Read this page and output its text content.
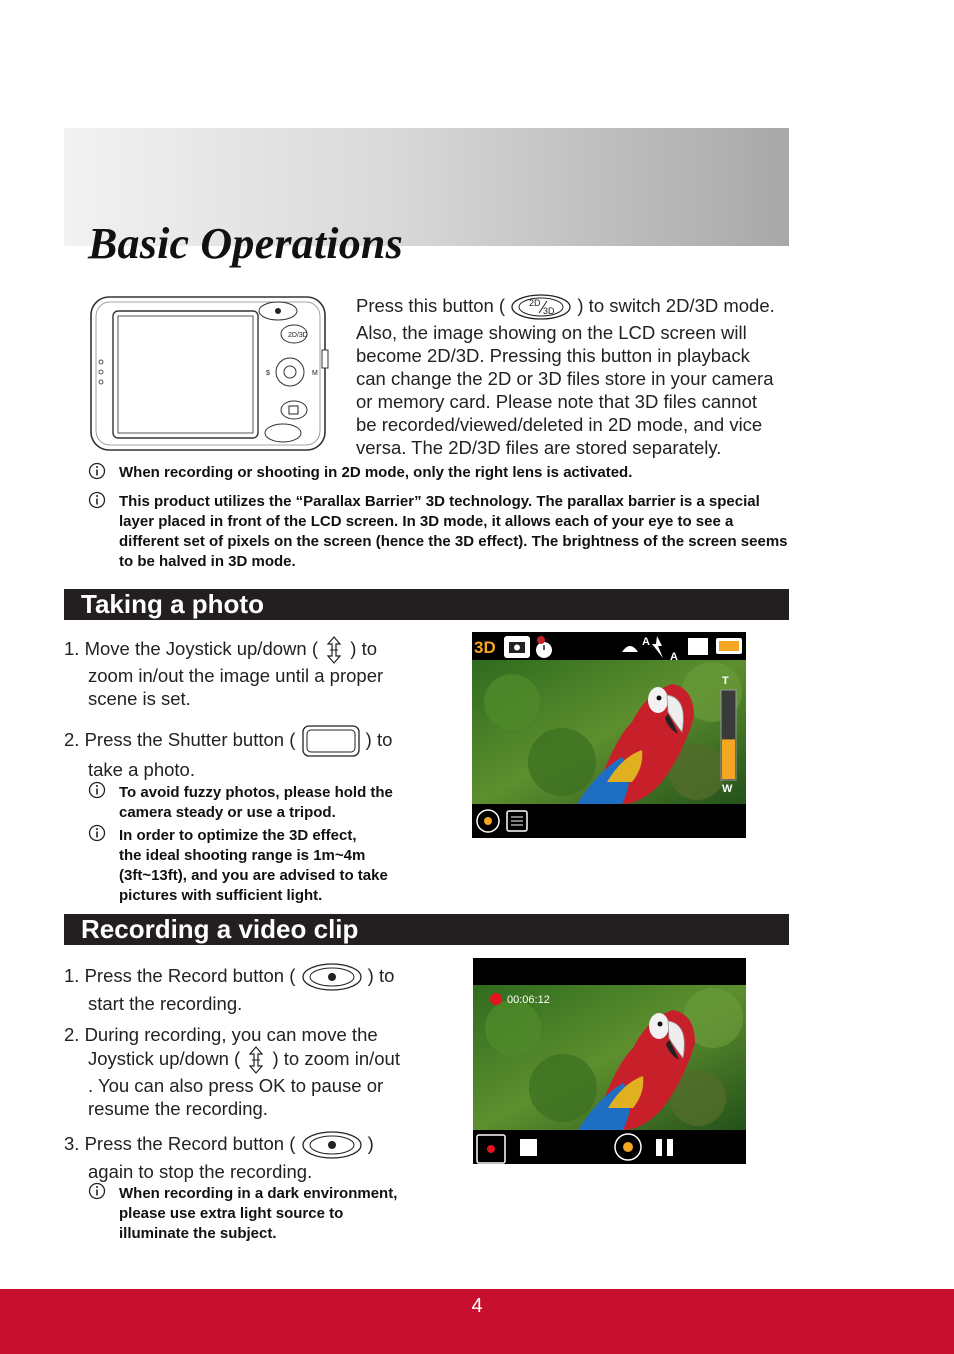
Basic Operations
2D/3D
$	M
Press this button (	2D
3D ) to switch 2D/3D mode.
Also, the image showing on the LCD screen will
become 2D/3D. Pressing this button in playback
can change the 2D or 3D files store in your camera
or memory card. Please note that 3D files cannot
be recorded/viewed/deleted in 2D mode, and vice
versa. The 2D/3D files are stored separately.
When recording or shooting in 2D mode, only the right lens is activated.
This product utilizes the “Parallax Barrier” 3D technology. The parallax barrier is a special layer placed in front of the LCD screen. In 3D mode, it allows each of your eye to see a different set of pixels on the screen (hence the 3D effect). The brightness of the screen seems to be halved in 3D mode.
Taking a photo
1. Move the Joystick up/down ( ) to
zoom in/out the image until a proper
scene is set.
2. Press the Shutter button (	) to
take a photo.
To avoid fuzzy photos, please hold the
camera steady or use a tripod.
In order to optimize the 3D effect,
the ideal shooting range is 1m~4m
(3ft~13ft), and you are advised to take
pictures with sufficient light.
3D	A
A
T
W
Recording a video clip
1. Press the Record button (	) to
start the recording.
2. During recording, you can move the
Joystick up/down ( ) to zoom in/out
. You can also press OK to pause or
resume the recording.
3. Press the Record button (	)
again to stop the recording.
When recording in a dark environment,
please use extra light source to
illuminate the subject.
00:06:12
4
